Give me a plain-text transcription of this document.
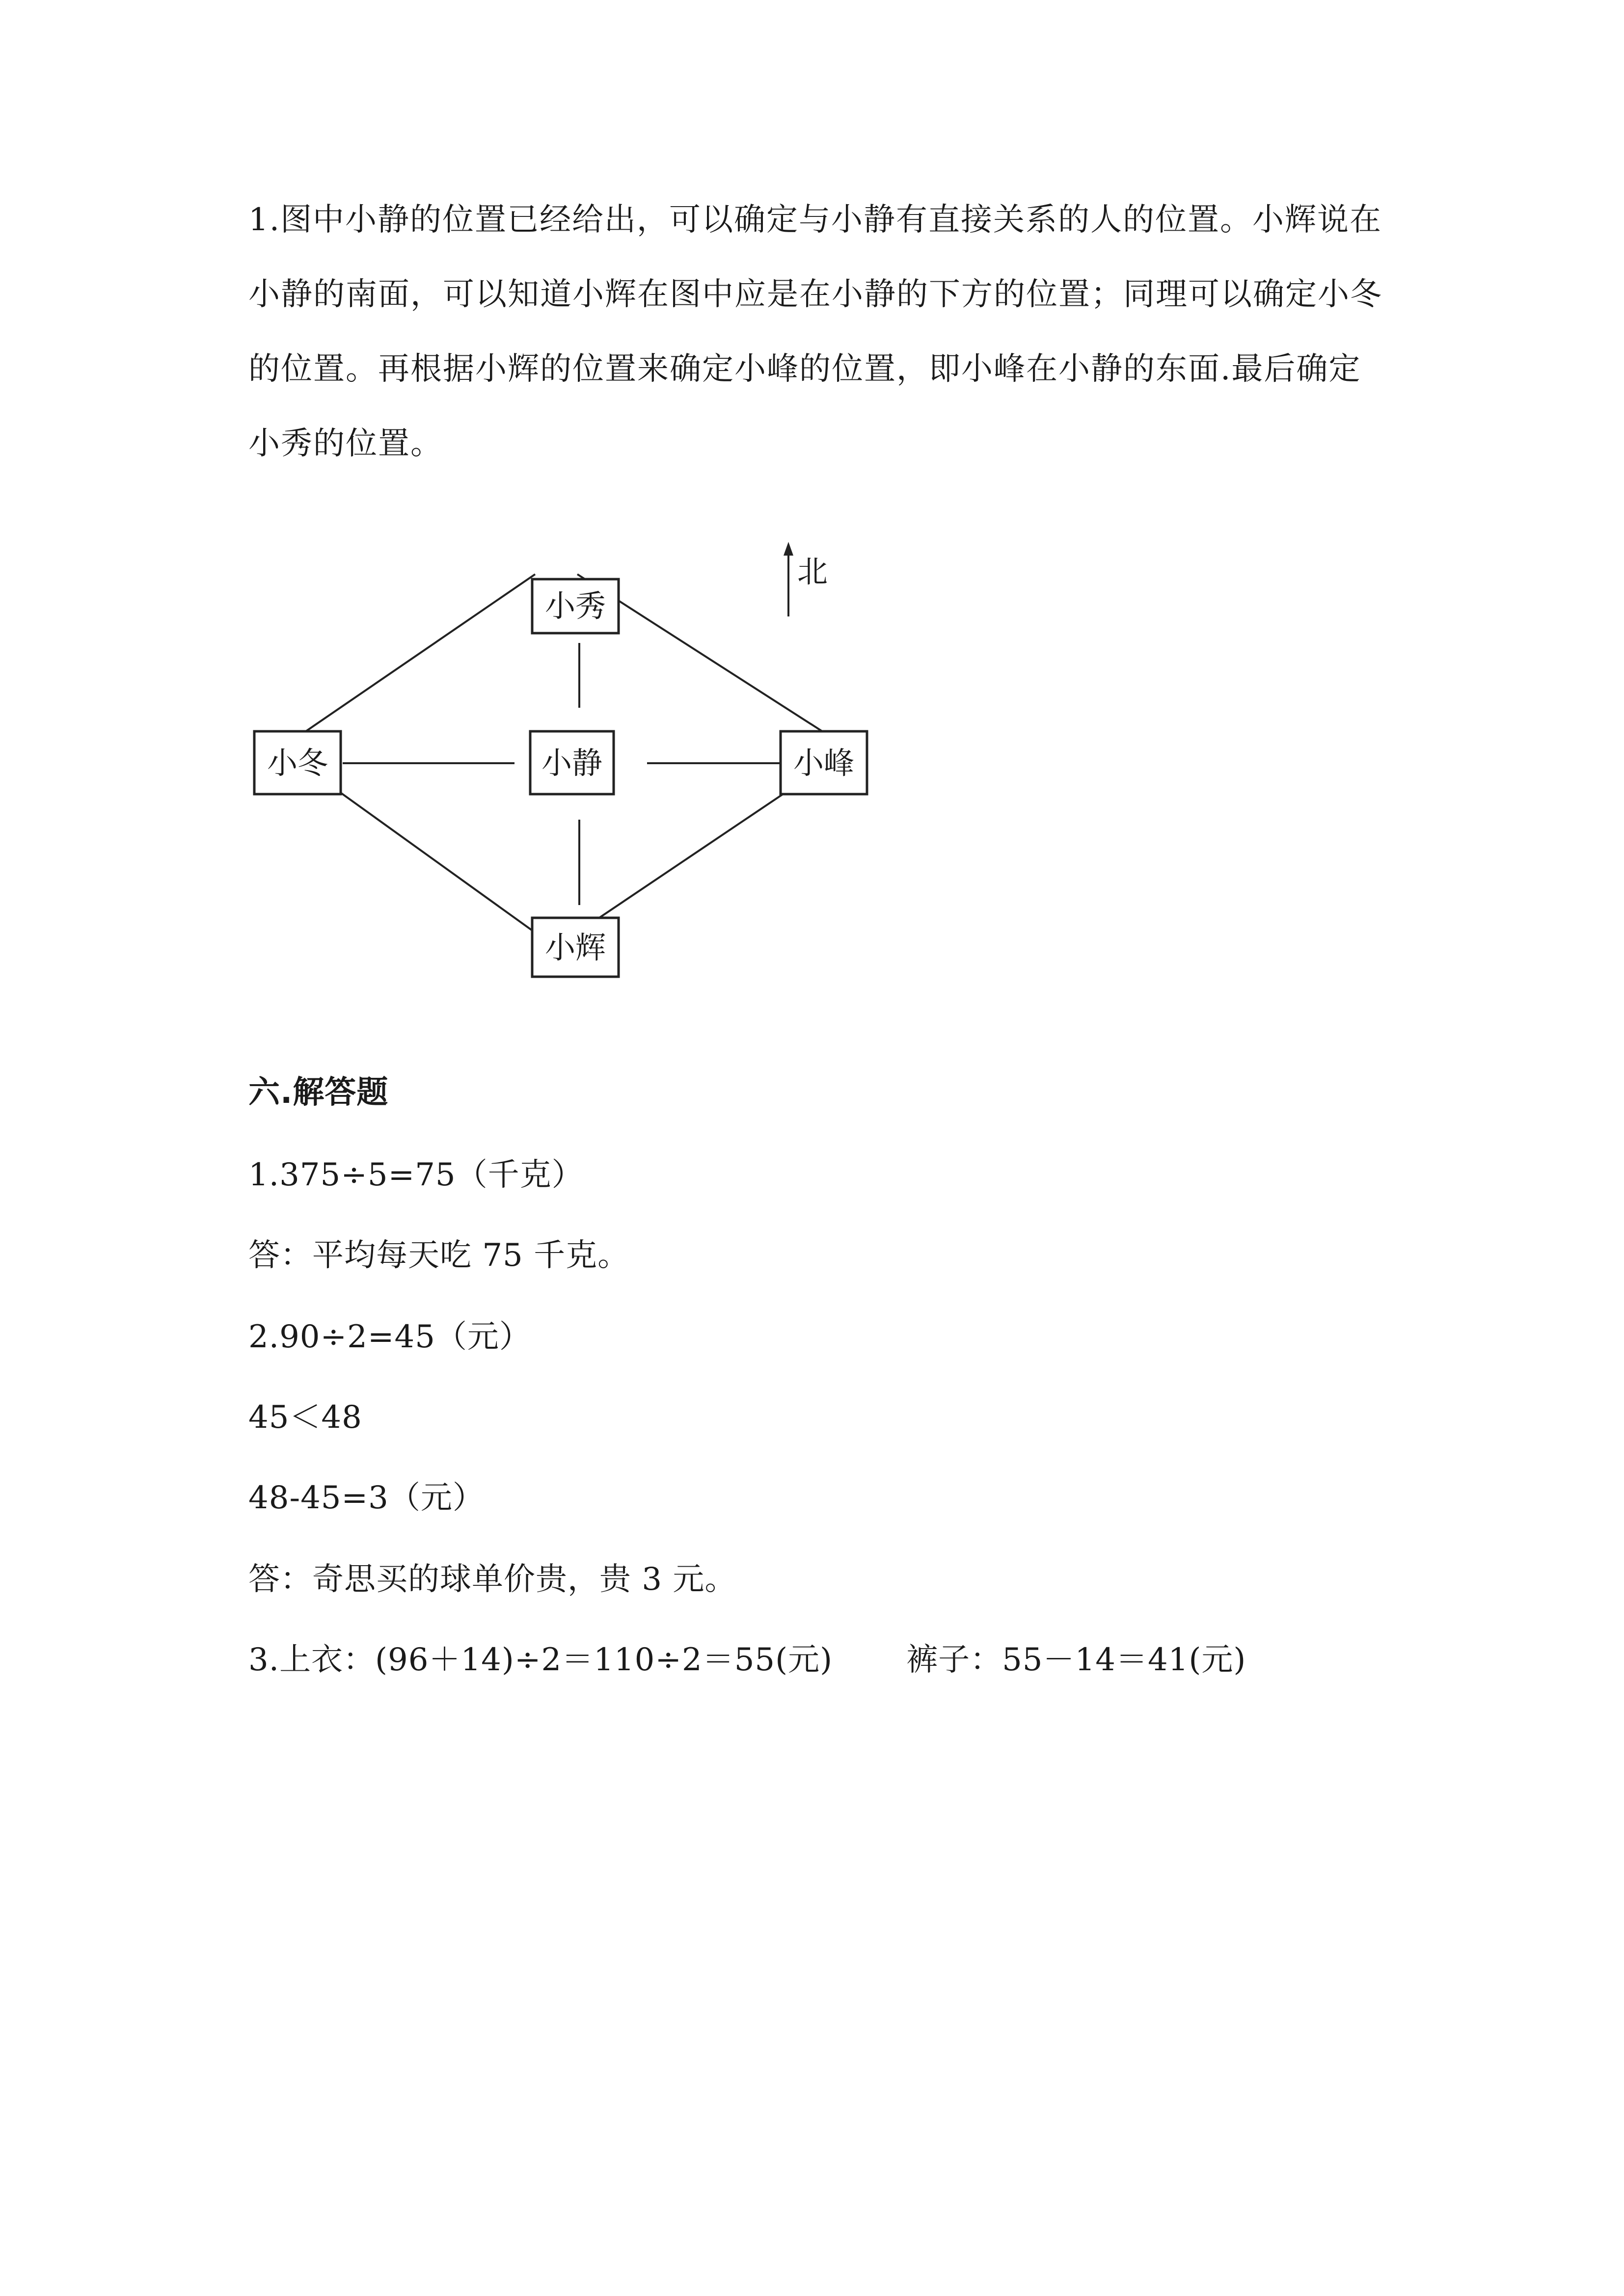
1.图中小静的位置已经给出，可以确定与小静有直接关系的人的位置。小辉说在小静的南面，可以知道小辉在图中应是在小静的下方的位置；同理可以确定小冬的位置。再根据小辉的位置来确定小峰的位置，即小峰在小静的东面.最后确定小秀的位置。

北
小秀
小冬	小静	小峰
小辉
六.解答题
1.375÷5=75（千克）
答：平均每天吃 75 千克。
2.90÷2=45（元）
45＜48
48-45=3（元）
答：奇思买的球单价贵，贵 3 元。
3.上衣：(96＋14)÷2＝110÷2＝55(元) 裤子：55－14＝41(元)
